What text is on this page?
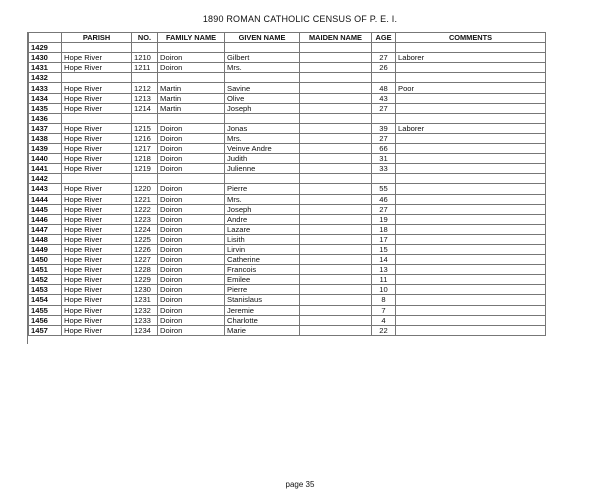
1890 ROMAN CATHOLIC CENSUS OF P. E. I.
	PARISH	NO.	FAMILY NAME	GIVEN NAME	MAIDEN NAME	AGE	COMMENTS
1429							
1430	Hope River	1210	Doiron	Gilbert		27	Laborer
1431	Hope River	1211	Doiron	Mrs.		26	
1432							
1433	Hope River	1212	Martin	Savine		48	Poor
1434	Hope River	1213	Martin	Olive		43	
1435	Hope River	1214	Martin	Joseph		27	
1436							
1437	Hope River	1215	Doiron	Jonas		39	Laborer
1438	Hope River	1216	Doiron	Mrs.		27	
1439	Hope River	1217	Doiron	Veinve Andre		66	
1440	Hope River	1218	Doiron	Judith		31	
1441	Hope River	1219	Doiron	Julienne		33	
1442							
1443	Hope River	1220	Doiron	Pierre		55	
1444	Hope River	1221	Doiron	Mrs.		46	
1445	Hope River	1222	Doiron	Joseph		27	
1446	Hope River	1223	Doiron	Andre		19	
1447	Hope River	1224	Doiron	Lazare		18	
1448	Hope River	1225	Doiron	Lisith		17	
1449	Hope River	1226	Doiron	Lirvin		15	
1450	Hope River	1227	Doiron	Catherine		14	
1451	Hope River	1228	Doiron	Francois		13	
1452	Hope River	1229	Doiron	Emilee		11	
1453	Hope River	1230	Doiron	Pierre		10	
1454	Hope River	1231	Doiron	Stanislaus		8	
1455	Hope River	1232	Doiron	Jeremie		7	
1456	Hope River	1233	Doiron	Charlotte		4	
1457	Hope River	1234	Doiron	Marie		22	
page 35
